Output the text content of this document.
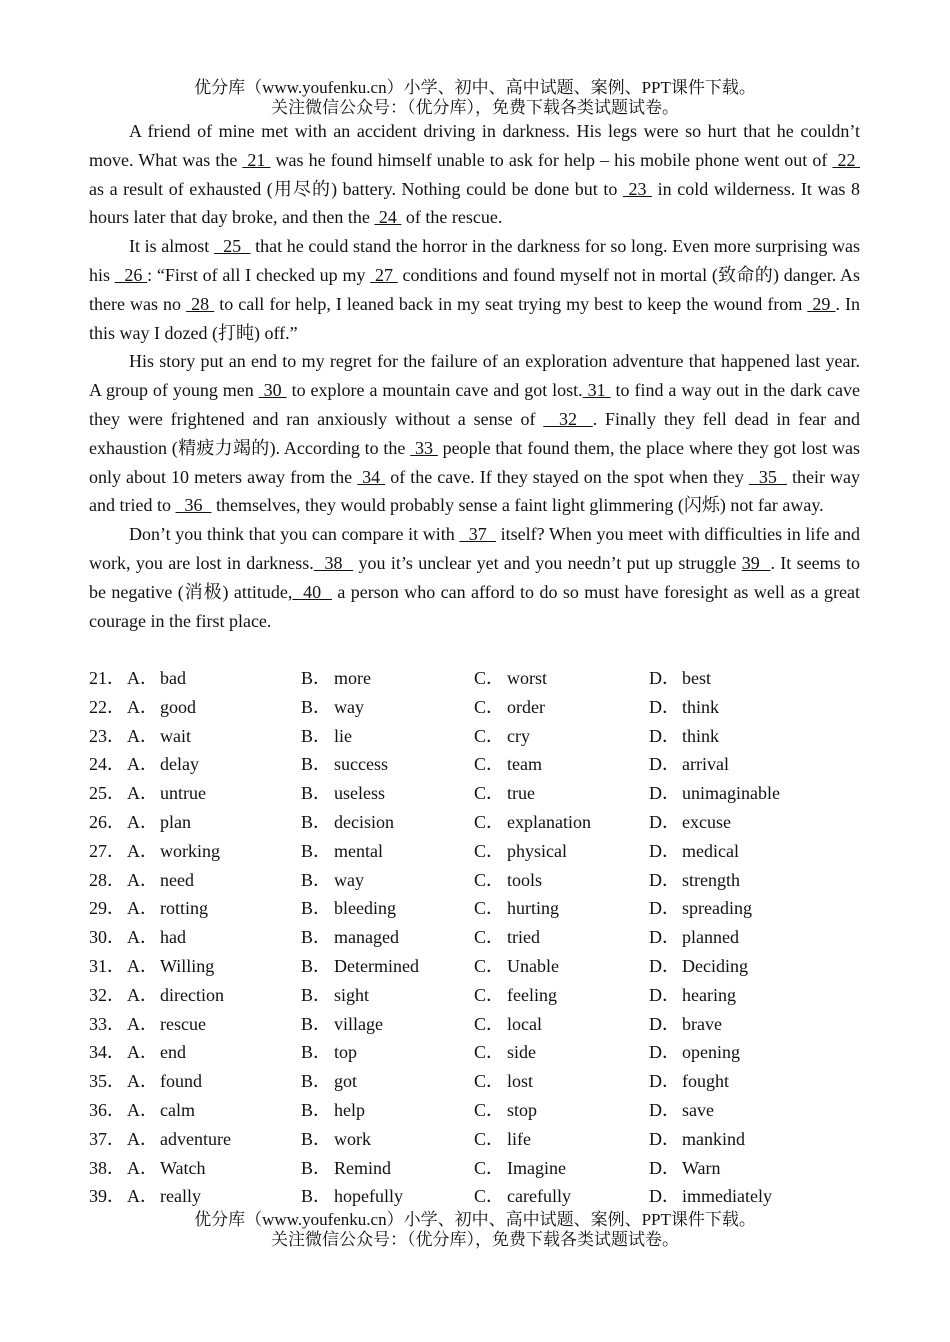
优分库（www.youfenku.cn）小学、初中、高中试题、案例、PPT课件下载。
关注微信公众号：（优分库），免费下载各类试题试卷。

A friend of mine met with an accident driving in darkness. His legs were so hurt that he couldn’t move. What was the  21  was he found himself unable to ask for help – his mobile phone went out of  22  as a result of exhausted (用尽的) battery. Nothing could be done but to  23  in cold wilderness. It was 8 hours later that day broke, and then the  24  of the rescue.

It is almost   25   that he could stand the horror in the darkness for so long. Even more surprising was his   26 : “First of all I checked up my  27  conditions and found myself not in mortal (致命的) danger. As there was no  28  to call for help, I leaned back in my seat trying my best to keep the wound from  29 . In this way I dozed (打盹) off.”

His story put an end to my regret for the failure of an exploration adventure that happened last year. A group of young men  30  to explore a mountain cave and got lost. 31  to find a way out in the dark cave they were frightened and ran anxiously without a sense of   32  . Finally they fell dead in fear and exhaustion (精疲力竭的). According to the  33  people that found them, the place where they got lost was only about 10 meters away from the  34  of the cave. If they stayed on the spot when they   35   their way and tried to   36   themselves, they would probably sense a faint light glimmering (闪烁) not far away.

Don’t you think that you can compare it with   37   itself? When you meet with difficulties in life and work, you are lost in darkness.  38   you it’s unclear yet and you needn’t put up struggle 39  . It seems to be negative (消极) attitude,  40   a person who can afford to do so must have foresight as well as a great courage in the first place.

21． A． bad	B． more	C． worst	D． best
22． A． good	B． way	C． order	D． think
23． A． wait	B． lie	C． cry	D． think
24． A． delay	B． success	C． team	D． arrival
25． A． untrue	B． useless	C． true	D． unimaginable
26． A． plan	B． decision	C． explanation	D． excuse
27． A． working	B． mental	C． physical	D． medical
28． A． need	B． way	C． tools	D． strength
29． A． rotting	B． bleeding	C． hurting	D． spreading
30． A． had	B． managed	C． tried	D． planned
31． A． Willing	B． Determined	C． Unable	D． Deciding
32． A． direction	B． sight	C． feeling	D． hearing
33． A． rescue	B． village	C． local	D． brave
34． A． end	B． top	C． side	D． opening
35． A． found	B． got	C． lost	D． fought
36． A． calm	B． help	C． stop	D． save
37． A． adventure	B． work	C． life	D． mankind
38． A． Watch	B． Remind	C． Imagine	D． Warn
39． A． really	B． hopefully	C． carefully	D． immediately
优分库（www.youfenku.cn）小学、初中、高中试题、案例、PPT课件下载。
关注微信公众号：（优分库），免费下载各类试题试卷。
